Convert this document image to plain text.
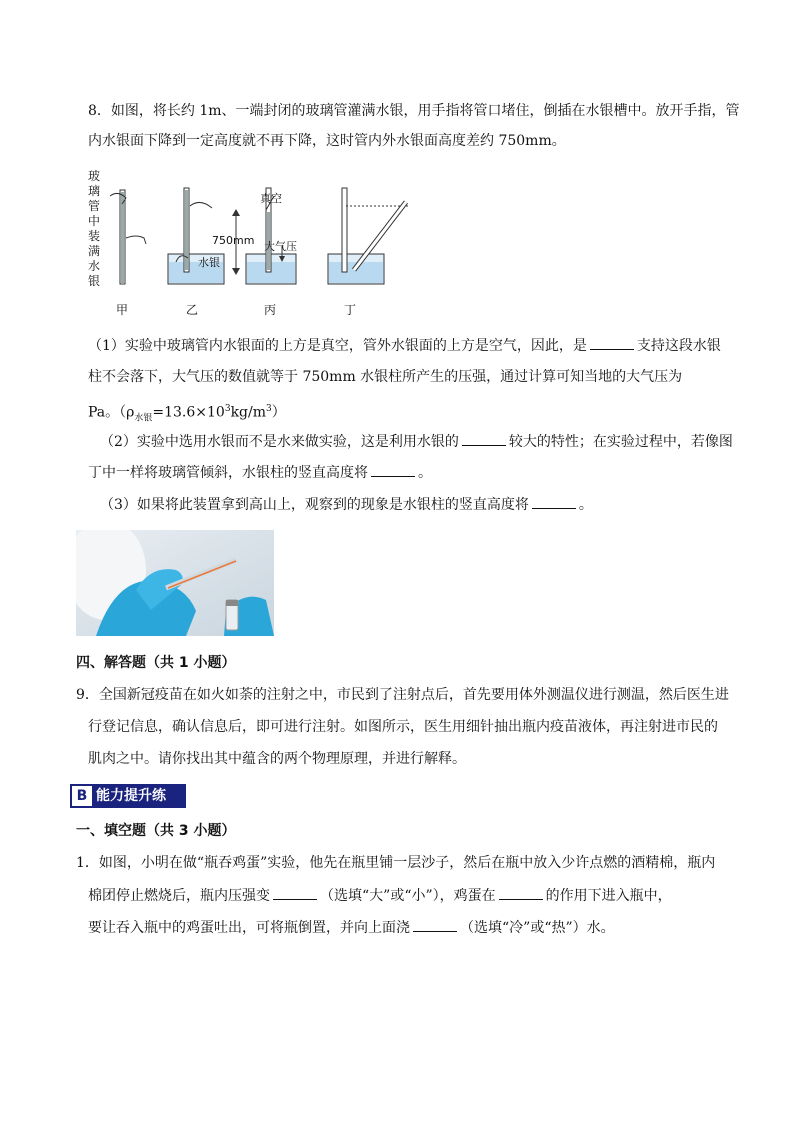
8．如图，将长约 1m、一端封闭的玻璃管灌满水银，用手指将管口堵住，倒插在水银槽中。放开手指，管
内水银面下降到一定高度就不再下降，这时管内外水银面高度差约 750mm。
玻
璃
管
中
装
满
水
银
真空
750mm 大气压
水银
甲	乙	丙	丁
（1）实验中玻璃管内水银面的上方是真空，管外水银面的上方是空气，因此，是	支持这段水银
柱不会落下，大气压的数值就等于 750mm 水银柱所产生的压强，通过计算可知当地的大气压为
Pa。$(\rho_{水银}=13.6\times 10^3kg/m^3)$
（2）实验中选用水银而不是水来做实验，这是利用水银的	较大的特性；在实验过程中，若像图
丁中一样将玻璃管倾斜，水银柱的竖直高度将	。
（3）如果将此装置拿到高山上，观察到的现象是水银柱的竖直高度将	。
四、解答题（共 1 小题）
9．全国新冠疫苗在如火如荼的注射之中，市民到了注射点后，首先要用体外测温仪进行测温，然后医生进
行登记信息，确认信息后，即可进行注射。如图所示，医生用细针抽出瓶内疫苗液体，再注射进市民的
肌肉之中。请你找出其中蕴含的两个物理原理，并进行解释。
B 能力提升练
一、填空题（共 3 小题）
1．如图，小明在做“瓶吞鸡蛋”实验，他先在瓶里铺一层沙子，然后在瓶中放入少许点燃的酒精棉，瓶内
棉团停止燃烧后，瓶内压强变	（选填“大”或“小”），鸡蛋在	的作用下进入瓶中，
要让吞入瓶中的鸡蛋吐出，可将瓶倒置，并向上面浇	（选填“冷”或“热”）水。
